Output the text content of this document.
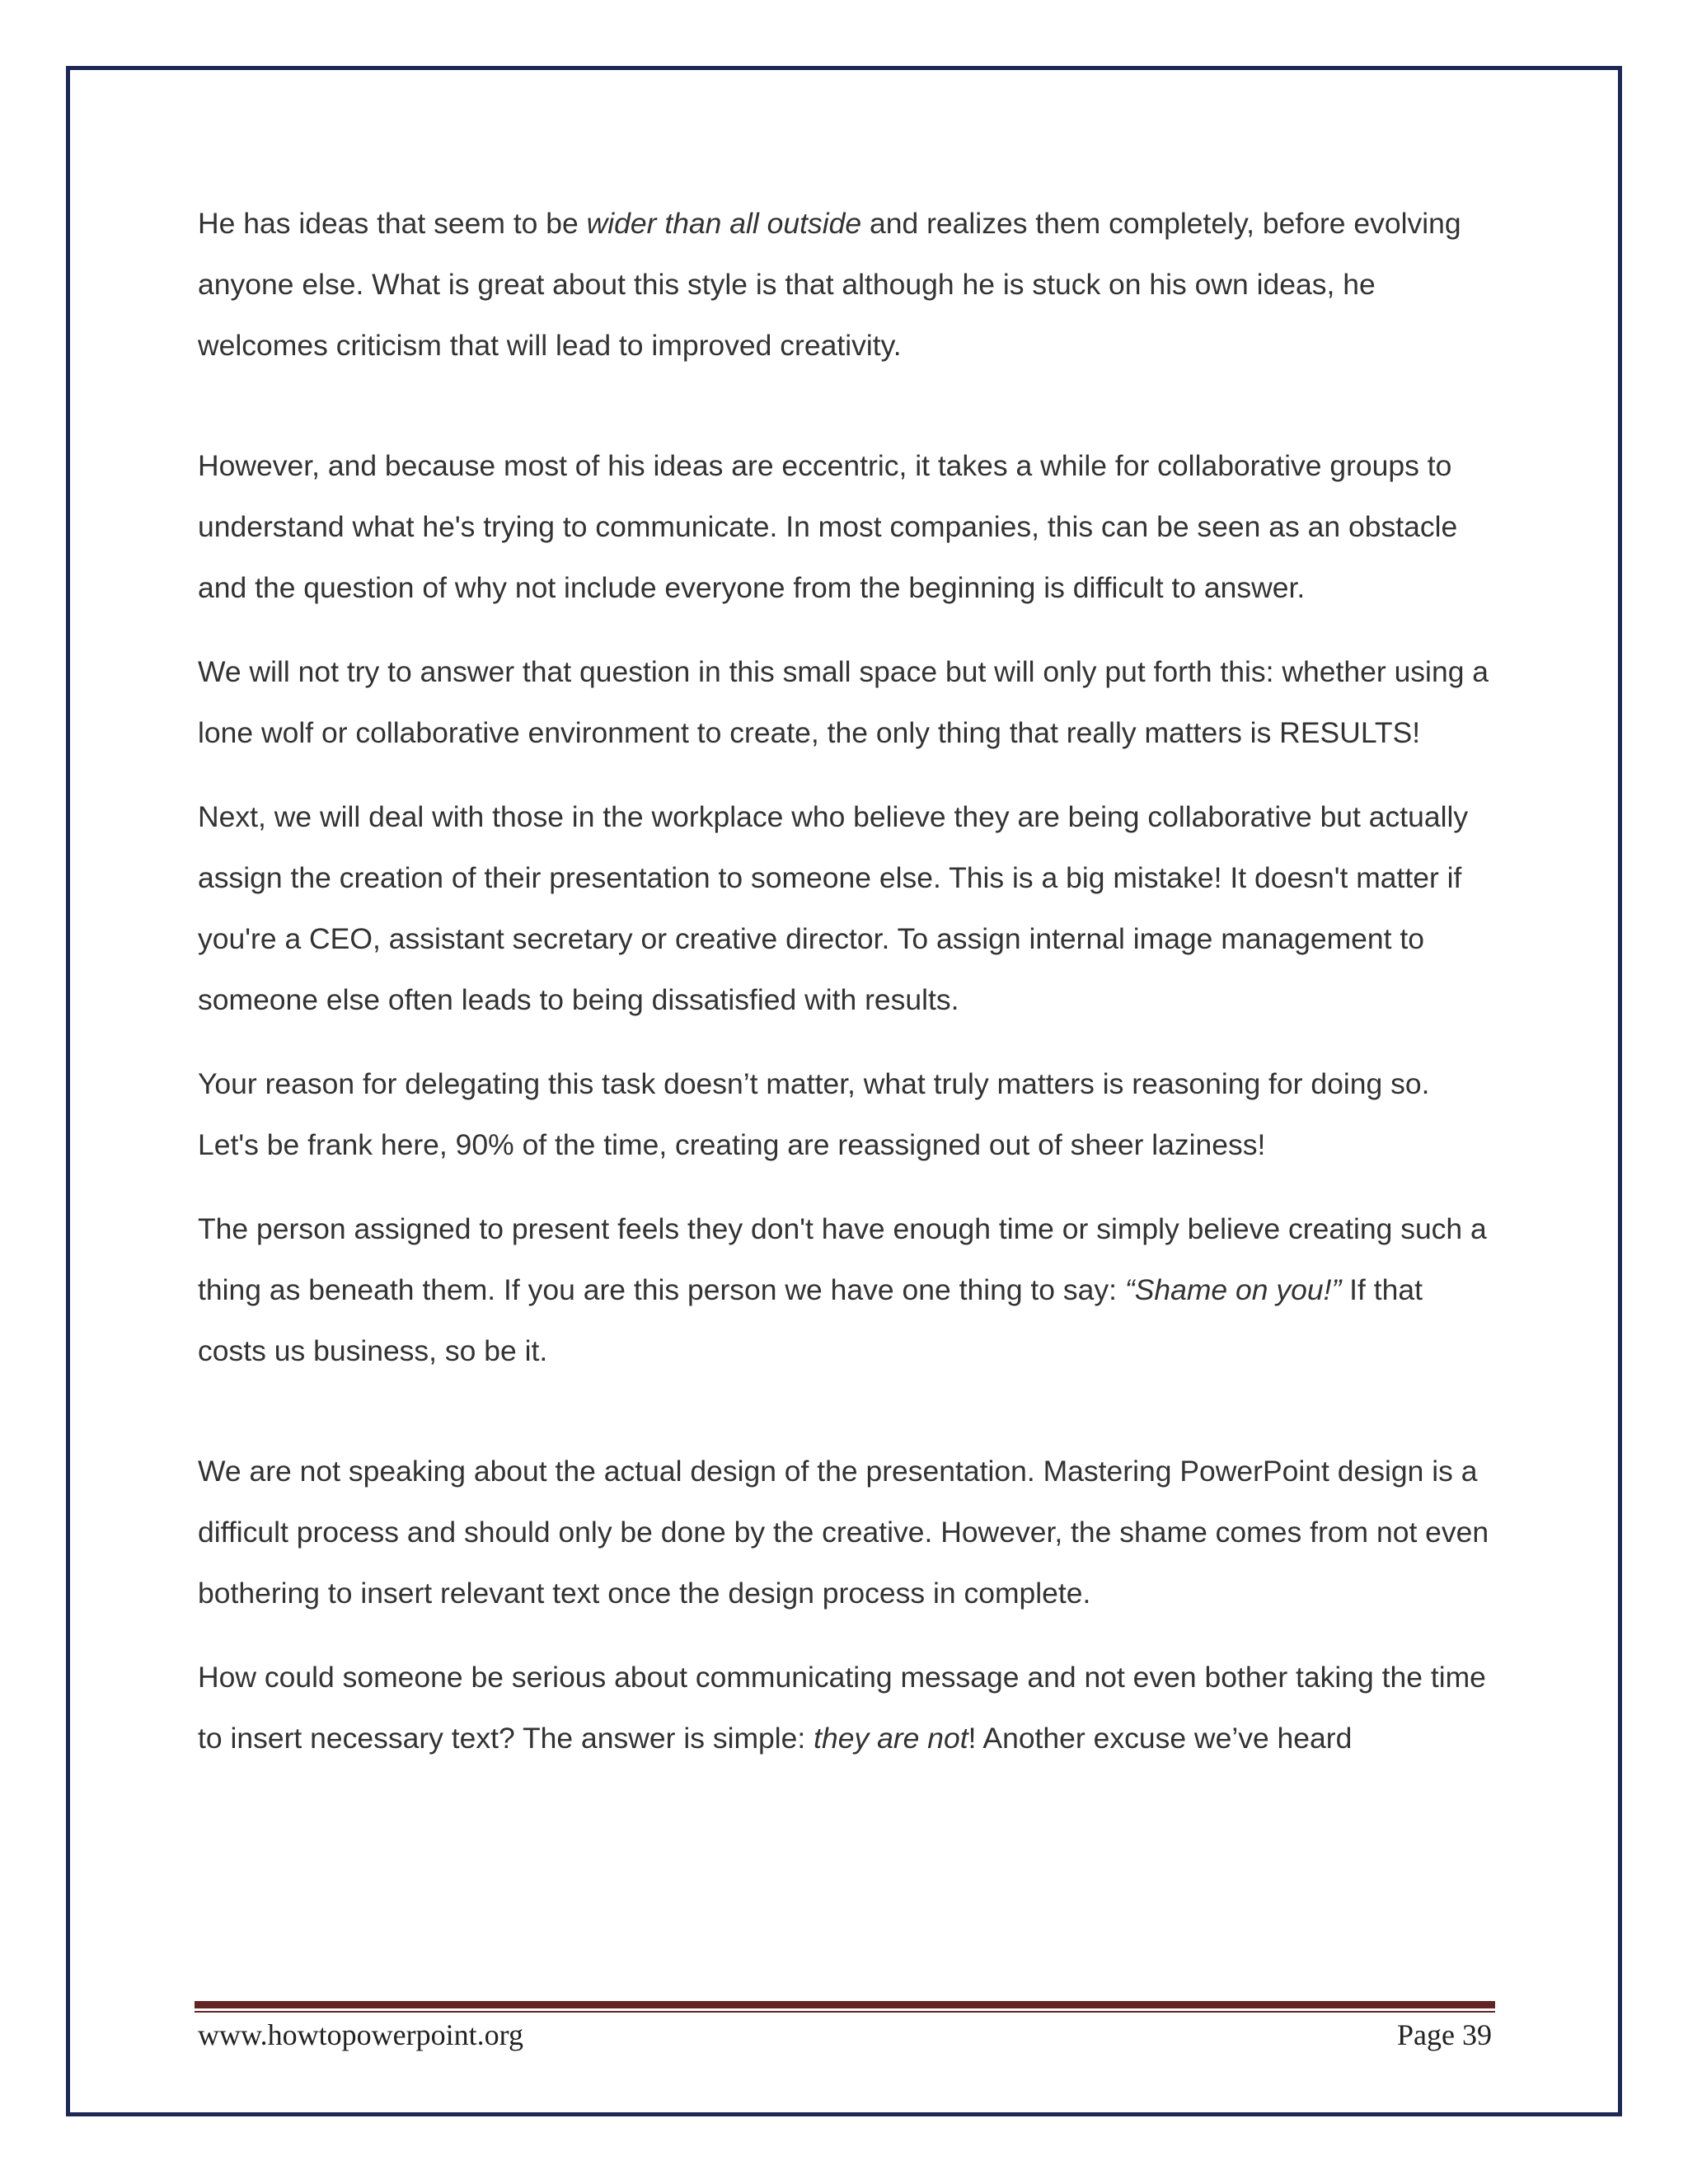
He has ideas that seem to be wider than all outside and realizes them completely, before evolving anyone else. What is great about this style is that although he is stuck on his own ideas, he welcomes criticism that will lead to improved creativity.

However, and because most of his ideas are eccentric, it takes a while for collaborative groups to understand what he's trying to communicate. In most companies, this can be seen as an obstacle and the question of why not include everyone from the beginning is difficult to answer.

We will not try to answer that question in this small space but will only put forth this: whether using a lone wolf or collaborative environment to create, the only thing that really matters is RESULTS!

Next, we will deal with those in the workplace who believe they are being collaborative but actually assign the creation of their presentation to someone else. This is a big mistake! It doesn't matter if you're a CEO, assistant secretary or creative director. To assign internal image management to someone else often leads to being dissatisfied with results.

Your reason for delegating this task doesn’t matter, what truly matters is reasoning for doing so. Let's be frank here, 90% of the time, creating are reassigned out of sheer laziness!

The person assigned to present feels they don't have enough time or simply believe creating such a thing as beneath them. If you are this person we have one thing to say: “Shame on you!” If that costs us business, so be it.

We are not speaking about the actual design of the presentation. Mastering PowerPoint design is a difficult process and should only be done by the creative. However, the shame comes from not even bothering to insert relevant text once the design process in complete.

How could someone be serious about communicating message and not even bother taking the time to insert necessary text? The answer is simple: they are not! Another excuse we’ve heard

www.howtopowerpoint.org	Page 39
